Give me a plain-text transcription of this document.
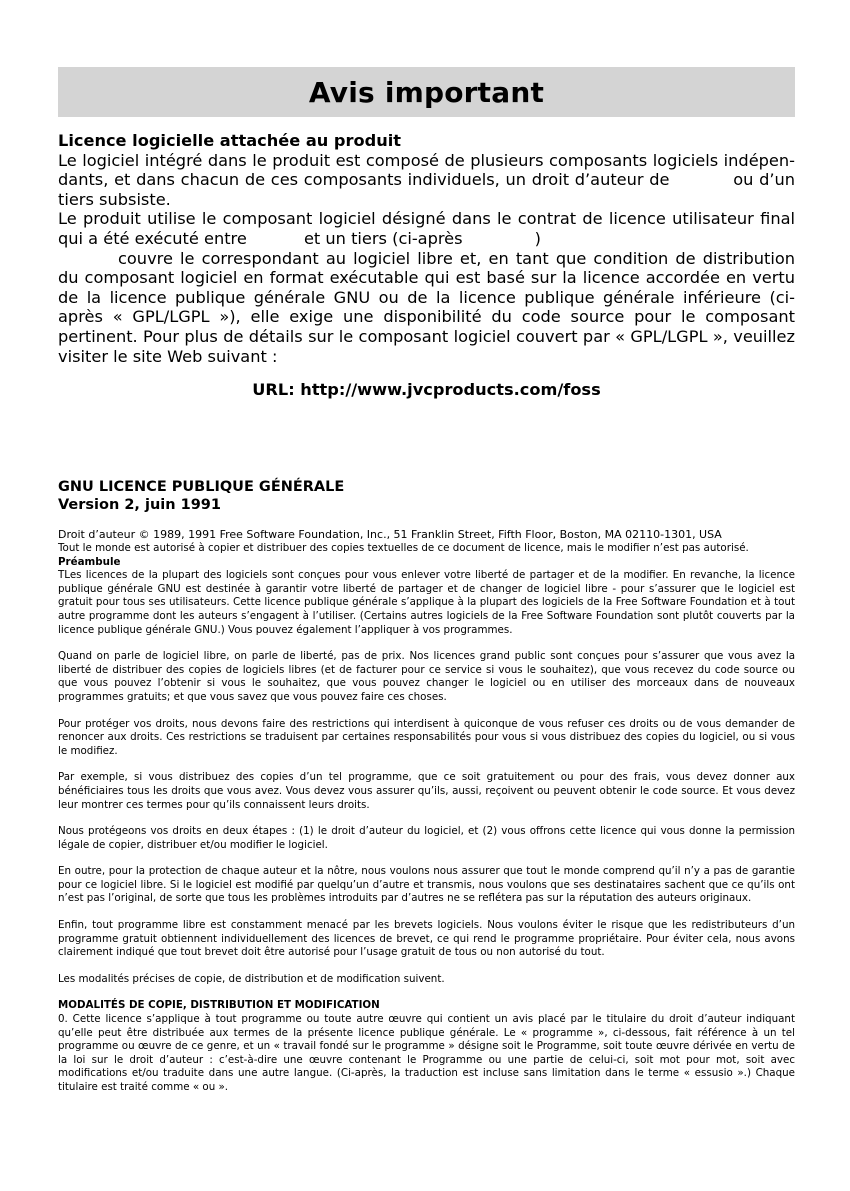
Avis important
Licence logicielle attachée au produit

Le logiciel intégré dans le produit est composé de plusieurs composants logiciels indépendants, et dans chacun de ces composants individuels, un droit d’auteur de	ou d’un tiers subsiste.

Le produit utilise le composant logiciel désigné dans le contrat de licence utilisateur final qui a été exécuté entre	et un tiers (ci-après	)

couvre le correspondant au logiciel libre et, en tant que condition de distribution du composant logiciel en format exécutable qui est basé sur la licence accordée en vertu de la licence publique générale GNU ou de la licence publique générale inférieure (ci-après « GPL/LGPL »), elle exige une disponibilité du code source pour le composant pertinent. Pour plus de détails sur le composant logiciel couvert par « GPL/LGPL », veuillez visiter le site Web suivant :

URL: http://www.jvcproducts.com/foss
GNU LICENCE PUBLIQUE GÉNÉRALE
Version 2, juin 1991

Droit d’auteur © 1989, 1991 Free Software Foundation, Inc., 51 Franklin Street, Fifth Floor, Boston, MA 02110-1301, USA

Tout le monde est autorisé à copier et distribuer des copies textuelles de ce document de licence, mais le modifier n’est pas autorisé.

Préambule

TLes licences de la plupart des logiciels sont conçues pour vous enlever votre liberté de partager et de la modifier. En revanche, la licence publique générale GNU est destinée à garantir votre liberté de partager et de changer de logiciel libre - pour s’assurer que le logiciel est gratuit pour tous ses utilisateurs. Cette licence publique générale s’applique à la plupart des logiciels de la Free Software Foundation et à tout autre programme dont les auteurs s’engagent à l’utiliser. (Certains autres logiciels de la Free Software Foundation sont plutôt couverts par la licence publique générale GNU.) Vous pouvez également l’appliquer à vos programmes.

Quand on parle de logiciel libre, on parle de liberté, pas de prix. Nos licences grand public sont conçues pour s’assurer que vous avez la liberté de distribuer des copies de logiciels libres (et de facturer pour ce service si vous le souhaitez), que vous recevez du code source ou que vous pouvez l’obtenir si vous le souhaitez, que vous pouvez changer le logiciel ou en utiliser des morceaux dans de nouveaux programmes gratuits; et que vous savez que vous pouvez faire ces choses.

Pour protéger vos droits, nous devons faire des restrictions qui interdisent à quiconque de vous refuser ces droits ou de vous demander de renoncer aux droits. Ces restrictions se traduisent par certaines responsabilités pour vous si vous distribuez des copies du logiciel, ou si vous le modifiez.

Par exemple, si vous distribuez des copies d’un tel programme, que ce soit gratuitement ou pour des frais, vous devez donner aux bénéficiaires tous les droits que vous avez. Vous devez vous assurer qu’ils, aussi, reçoivent ou peuvent obtenir le code source. Et vous devez leur montrer ces termes pour qu’ils connaissent leurs droits.

Nous protégeons vos droits en deux étapes : (1) le droit d’auteur du logiciel, et (2) vous offrons cette licence qui vous donne la permission légale de copier, distribuer et/ou modifier le logiciel.

En outre, pour la protection de chaque auteur et la nôtre, nous voulons nous assurer que tout le monde comprend qu’il n’y a pas de garantie pour ce logiciel libre. Si le logiciel est modifié par quelqu’un d’autre et transmis, nous voulons que ses destinataires sachent que ce qu’ils ont n’est pas l’original, de sorte que tous les problèmes introduits par d’autres ne se reflétera pas sur la réputation des auteurs originaux.

Enfin, tout programme libre est constamment menacé par les brevets logiciels. Nous voulons éviter le risque que les redistributeurs d’un programme gratuit obtiennent individuellement des licences de brevet, ce qui rend le programme propriétaire. Pour éviter cela, nous avons clairement indiqué que tout brevet doit être autorisé pour l’usage gratuit de tous ou non autorisé du tout.

Les modalités précises de copie, de distribution et de modification suivent.

MODALITÉS DE COPIE, DISTRIBUTION ET MODIFICATION

0. Cette licence s’applique à tout programme ou toute autre œuvre qui contient un avis placé par le titulaire du droit d’auteur indiquant qu’elle peut être distribuée aux termes de la présente licence publique générale. Le « programme », ci-dessous, fait référence à un tel programme ou œuvre de ce genre, et un « travail fondé sur le programme » désigne soit le Programme, soit toute œuvre dérivée en vertu de la loi sur le droit d’auteur : c’est-à-dire une œuvre contenant le Programme ou une partie de celui-ci, soit mot pour mot, soit avec modifications et/ou traduite dans une autre langue. (Ci-après, la traduction est incluse sans limitation dans le terme « essusio ».) Chaque titulaire est traité comme « ou ».
